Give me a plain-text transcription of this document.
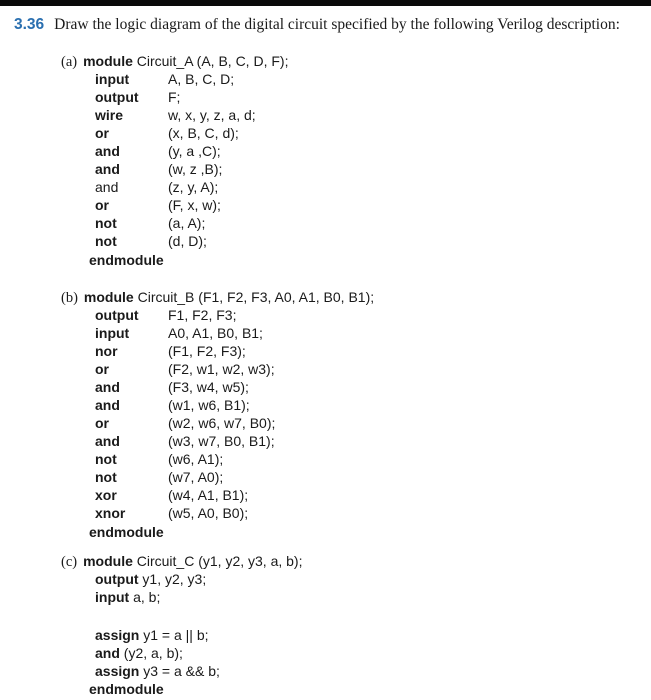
3.36 Draw the logic diagram of the digital circuit specified by the following Verilog description:
(a) module Circuit_A (A, B, C, D, F);
input	A, B, C, D;
output F;
wire	w, x, y, z, a, d;
or	(x, B, C, d);
and	(y, a ,C);
and	(w, z ,B);
and	(z, y, A);
or	(F, x, w);
not	(a, A);
not	(d, D);
endmodule
(b) module Circuit_B (F1, F2, F3, A0, A1, B0, B1);
output F1, F2, F3;
input	A0, A1, B0, B1;
nor	(F1, F2, F3);
or	(F2, w1, w2, w3);
and	(F3, w4, w5);
and	(w1, w6, B1);
or	(w2, w6, w7, B0);
and	(w3, w7, B0, B1);
not	(w6, A1);
not	(w7, A0);
xor	(w4, A1, B1);
xnor	(w5, A0, B0);
endmodule
(c) module Circuit_C (y1, y2, y3, a, b);
output y1, y2, y3;
input a, b;
assign y1 = a || b;
and (y2, a, b);
assign y3 = a && b;
endmodule
